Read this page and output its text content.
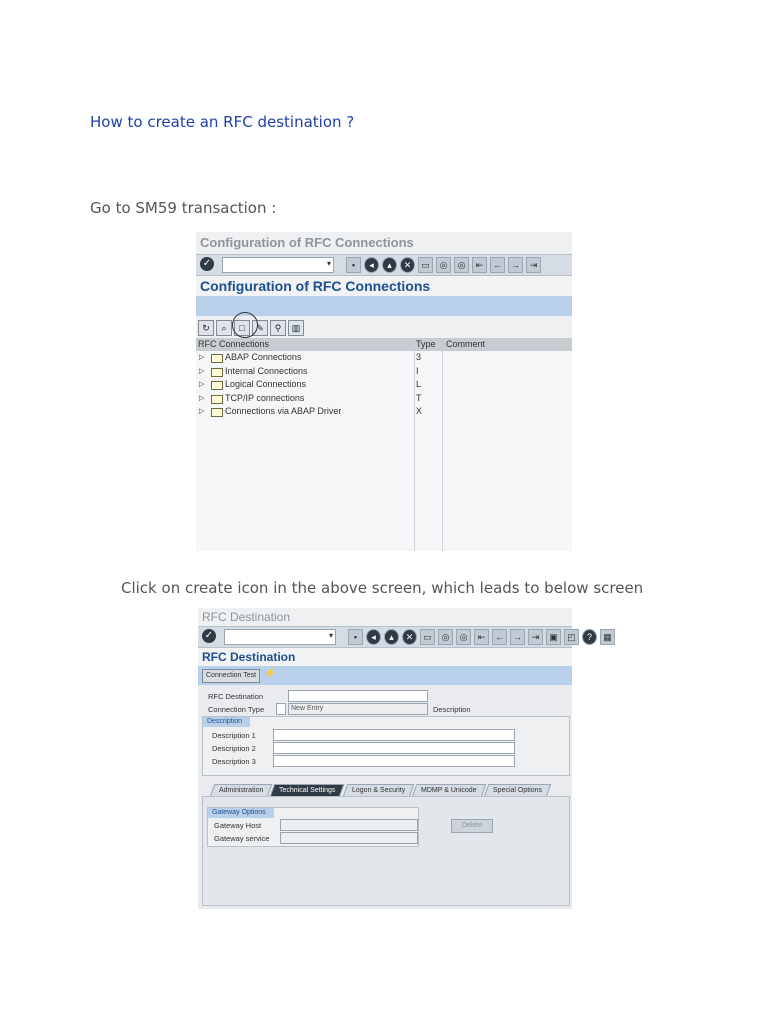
How to create an RFC destination ?
Go to SM59 transaction :
Configuration of RFC Connections
✓	▾	▪	◂	▴	✕	▭	◎	◎	⇤	←	→	⇥
Configuration of RFC Connections
↻	⌕	□	✎	⚲	▥
RFC Connections	Type Comment
▷ ABAP Connections	3
▷ Internal Connections	I
▷ Logical Connections	L
▷ TCP/IP connections	T
▷ Connections via ABAP Driver	X
Click on create icon in the above screen, which leads to below screen
RFC Destination
✓	▾	▪	◂	▴	✕	▭	◎	◎	⇤	←	→	⇥	▣	◰	?	▦
RFC Destination
Connection Test ⚡
RFC Destination
Connection Type	New Entry	Description
Description
Description 1
Description 2
Description 3
Administration	Technical Settings	Logon & Security	MDMP & Unicode	Special Options
Gateway Options
Gateway Host
Gateway service
Delete
